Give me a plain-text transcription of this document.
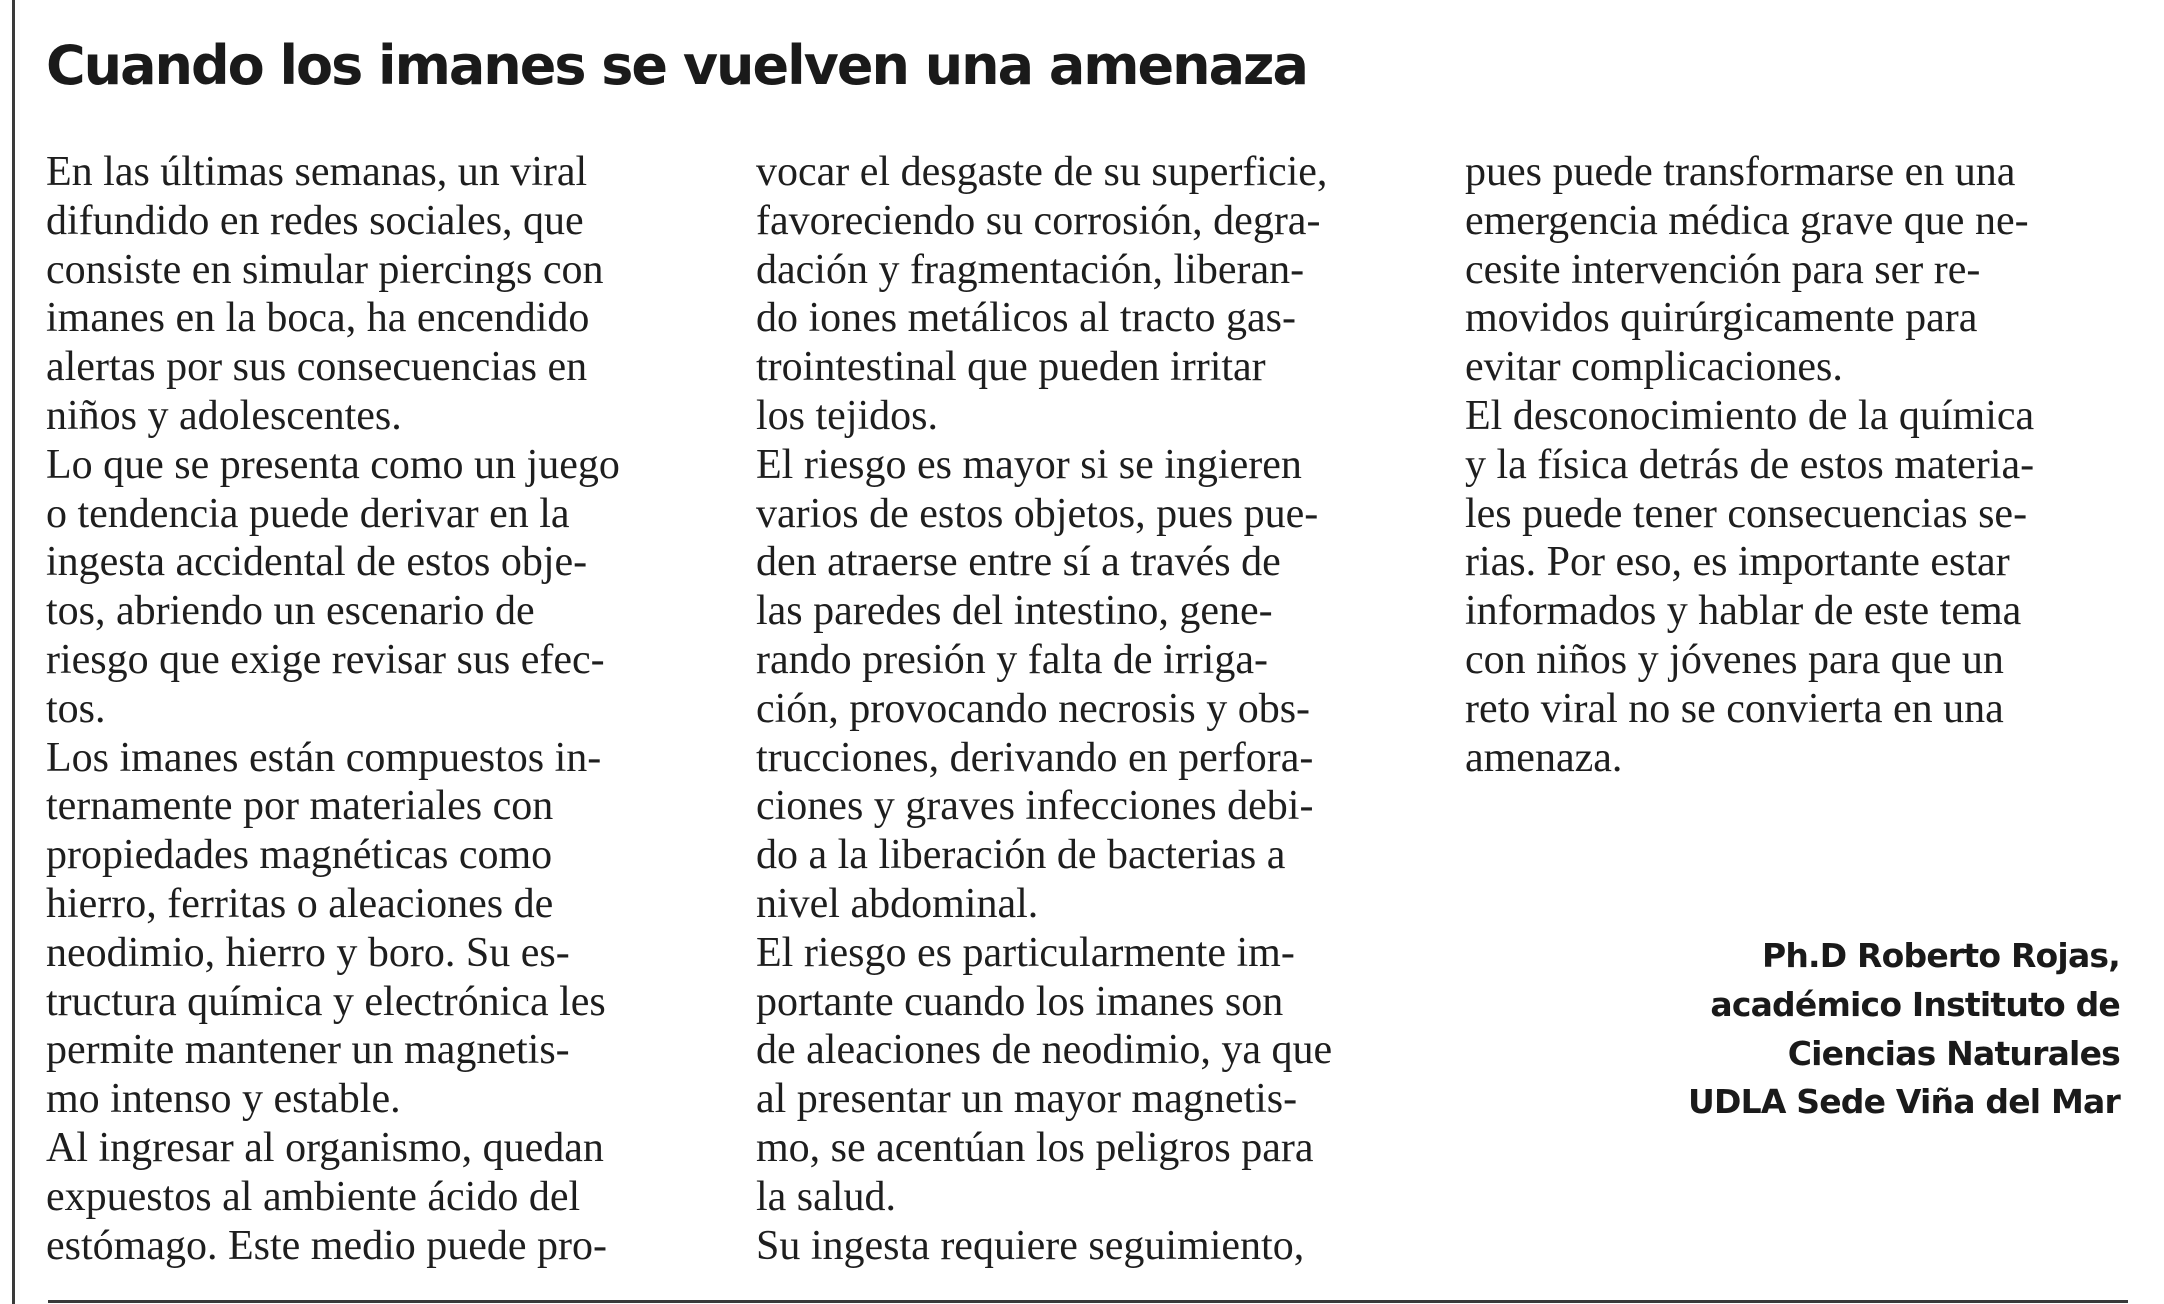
Cuando los imanes se vuelven una amenaza
En las últimas semanas, un viral
difundido en redes sociales, que
consiste en simular piercings con
imanes en la boca, ha encendido
alertas por sus consecuencias en
niños y adolescentes.
Lo que se presenta como un juego
o tendencia puede derivar en la
ingesta accidental de estos obje-
tos, abriendo un escenario de
riesgo que exige revisar sus efec-
tos.
Los imanes están compuestos in-
ternamente por materiales con
propiedades magnéticas como
hierro, ferritas o aleaciones de
neodimio, hierro y boro. Su es-
tructura química y electrónica les
permite mantener un magnetis-
mo intenso y estable.
Al ingresar al organismo, quedan
expuestos al ambiente ácido del
estómago. Este medio puede pro-
vocar el desgaste de su superficie,
favoreciendo su corrosión, degra-
dación y fragmentación, liberan-
do iones metálicos al tracto gas-
trointestinal que pueden irritar
los tejidos.
El riesgo es mayor si se ingieren
varios de estos objetos, pues pue-
den atraerse entre sí a través de
las paredes del intestino, gene-
rando presión y falta de irriga-
ción, provocando necrosis y obs-
trucciones, derivando en perfora-
ciones y graves infecciones debi-
do a la liberación de bacterias a
nivel abdominal.
El riesgo es particularmente im-
portante cuando los imanes son
de aleaciones de neodimio, ya que
al presentar un mayor magnetis-
mo, se acentúan los peligros para
la salud.
Su ingesta requiere seguimiento,
pues puede transformarse en una
emergencia médica grave que ne-
cesite intervención para ser re-
movidos quirúrgicamente para
evitar complicaciones.
El desconocimiento de la química
y la física detrás de estos materia-
les puede tener consecuencias se-
rias. Por eso, es importante estar
informados y hablar de este tema
con niños y jóvenes para que un
reto viral no se convierta en una
amenaza.
Ph.D Roberto Rojas,
académico Instituto de
Ciencias Naturales
UDLA Sede Viña del Mar
